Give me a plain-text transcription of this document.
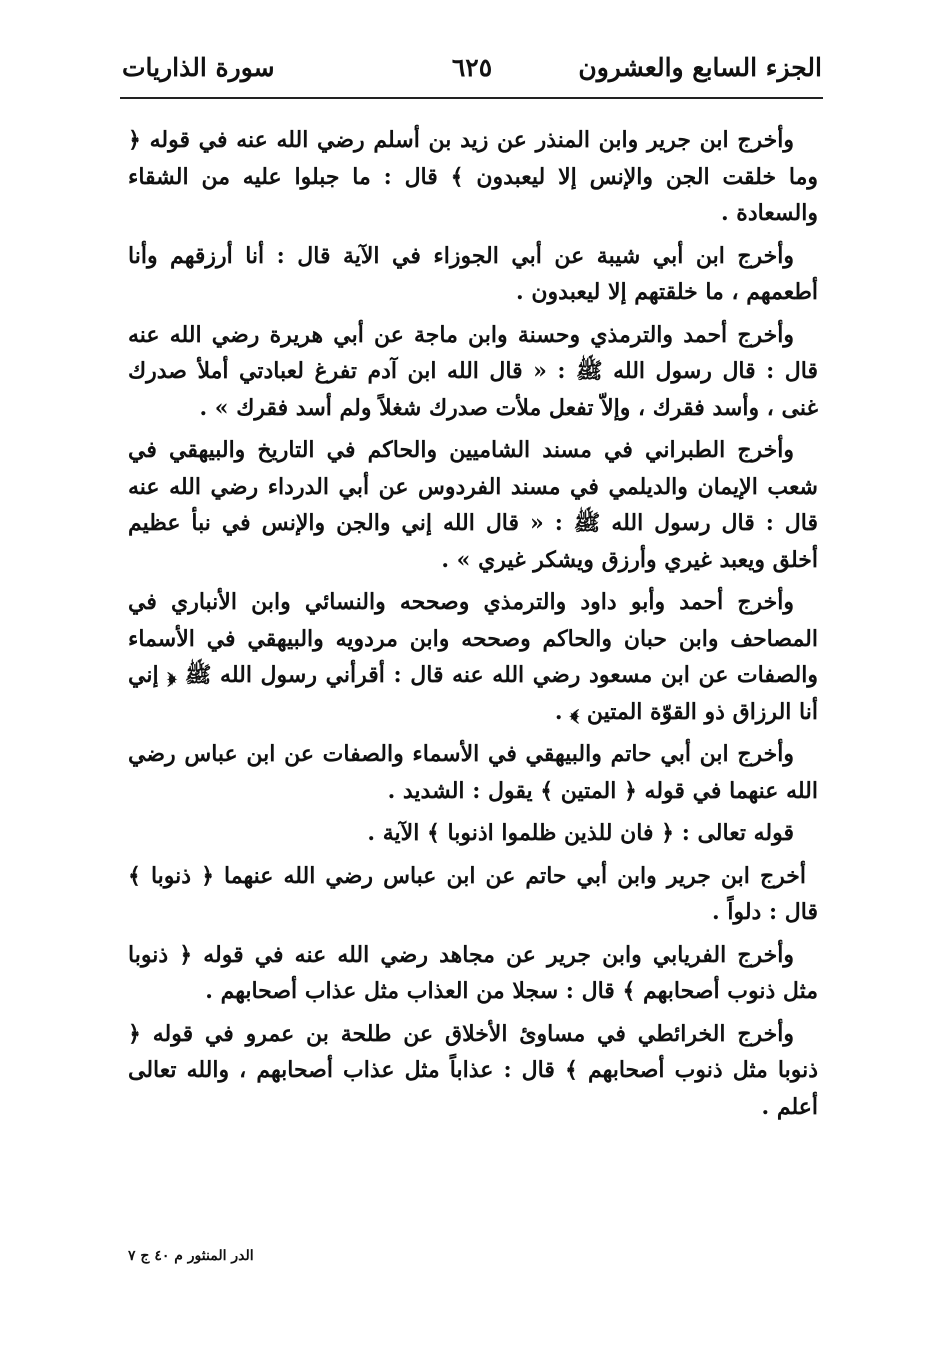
الجزء السابع والعشرون
٦٢٥
سورة الذاريات

وأخرج ابن جرير وابن المنذر عن زيد بن أسلم رضي الله عنه في قوله ﴿ وما خلقت الجن والإنس إلا ليعبدون ﴾ قال : ما جبلوا عليه من الشقاء والسعادة .

وأخرج ابن أبي شيبة عن أبي الجوزاء في الآية قال : أنا أرزقهم وأنا أطعمهم ، ما خلقتهم إلا ليعبدون .

وأخرج أحمد والترمذي وحسنة وابن ماجة عن أبي هريرة رضي الله عنه قال : قال رسول الله ﷺ : « قال الله ابن آدم تفرغ لعبادتي أملأ صدرك غنى ، وأسد فقرك ، وإلاّ تفعل ملأت صدرك شغلاً ولم أسد فقرك » .

وأخرج الطبراني في مسند الشاميين والحاكم في التاريخ والبيهقي في شعب الإيمان والديلمي في مسند الفردوس عن أبي الدرداء رضي الله عنه قال : قال رسول الله ﷺ : « قال الله إني والجن والإنس في نبأ عظيم أخلق ويعبد غيري وأرزق ويشكر غيري » .

وأخرج أحمد وأبو داود والترمذي وصححه والنسائي وابن الأنباري في المصاحف وابن حبان والحاكم وصححه وابن مردويه والبيهقي في الأسماء والصفات عن ابن مسعود رضي الله عنه قال : أقرأني رسول الله ﷺ ﴿ إني أنا الرزاق ذو القوّة المتين ﴾ .

وأخرج ابن أبي حاتم والبيهقي في الأسماء والصفات عن ابن عباس رضي الله عنهما في قوله ﴿ المتين ﴾ يقول : الشديد .

قوله تعالى : ﴿ فان للذين ظلموا اذنوبا ﴾ الآية .

أخرج ابن جرير وابن أبي حاتم عن ابن عباس رضي الله عنهما ﴿ ذنوبا ﴾ قال : دلواً .

وأخرج الفريابي وابن جرير عن مجاهد رضي الله عنه في قوله ﴿ ذنوبا مثل ذنوب أصحابهم ﴾ قال : سجلا من العذاب مثل عذاب أصحابهم .

وأخرج الخرائطي في مساوئ الأخلاق عن طلحة بن عمرو في قوله ﴿ ذنوبا مثل ذنوب أصحابهم ﴾ قال : عذاباً مثل عذاب أصحابهم ، والله تعالى أعلم .

الدر المنثور م ٤٠ ج ٧
